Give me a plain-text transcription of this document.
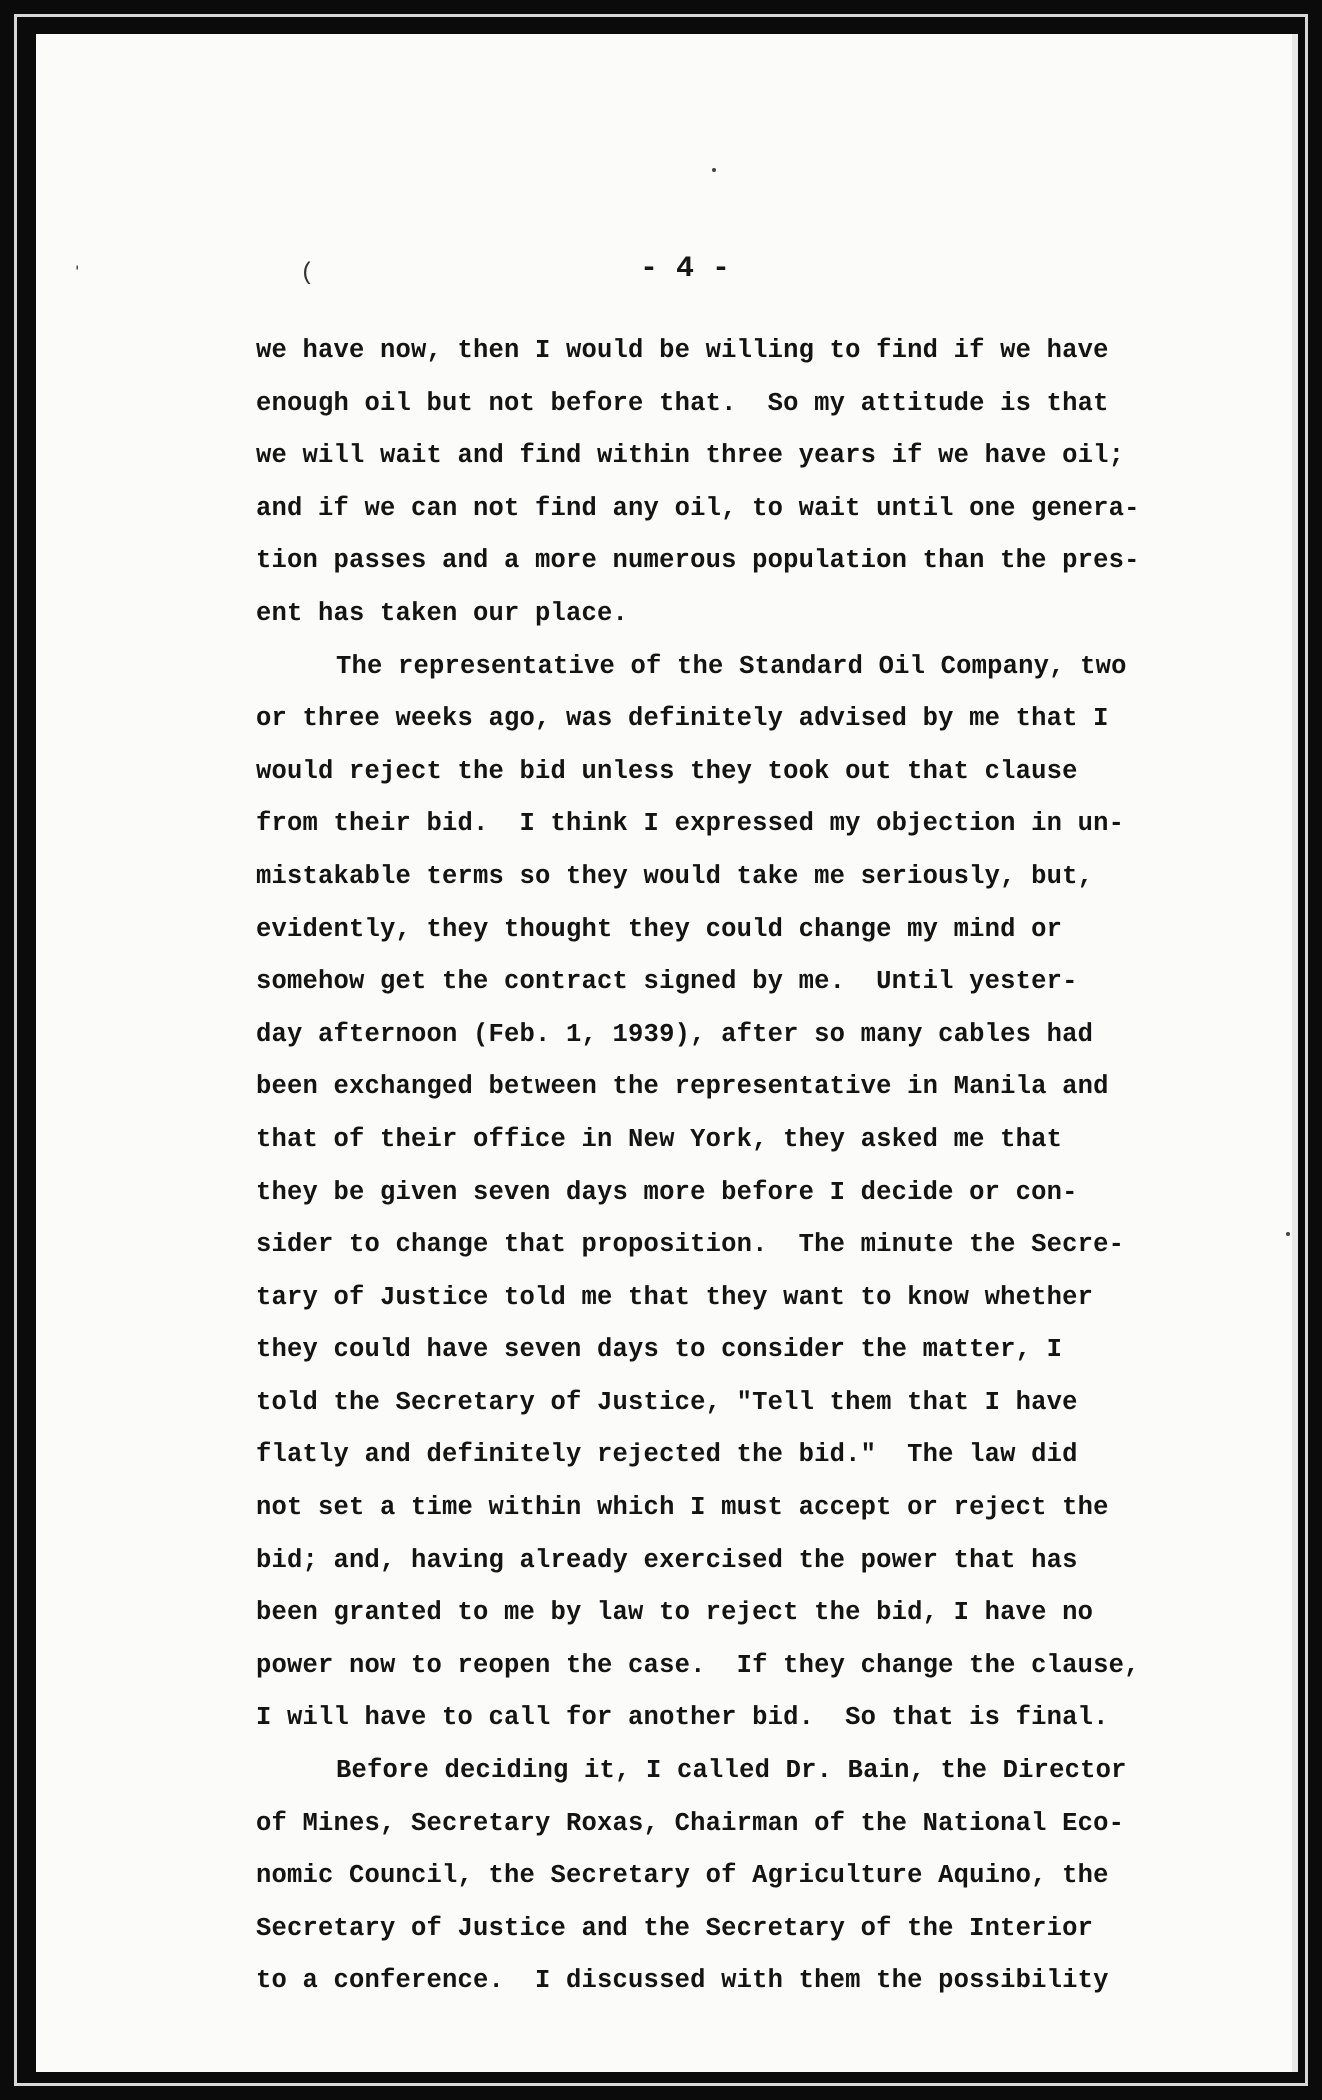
ˈ	(	- 4 -
we have now, then I would be willing to find if we have
enough oil but not before that.  So my attitude is that
we will wait and find within three years if we have oil;
and if we can not find any oil, to wait until one genera-
tion passes and a more numerous population than the pres-
ent has taken our place.
The representative of the Standard Oil Company, two
or three weeks ago, was definitely advised by me that I
would reject the bid unless they took out that clause
from their bid.  I think I expressed my objection in un-
mistakable terms so they would take me seriously, but,
evidently, they thought they could change my mind or
somehow get the contract signed by me.  Until yester-
day afternoon (Feb. 1, 1939), after so many cables had
been exchanged between the representative in Manila and
that of their office in New York, they asked me that
they be given seven days more before I decide or con-
sider to change that proposition.  The minute the Secre-
tary of Justice told me that they want to know whether
they could have seven days to consider the matter, I
told the Secretary of Justice, "Tell them that I have
flatly and definitely rejected the bid."  The law did
not set a time within which I must accept or reject the
bid; and, having already exercised the power that has
been granted to me by law to reject the bid, I have no
power now to reopen the case.  If they change the clause,
I will have to call for another bid.  So that is final.
Before deciding it, I called Dr. Bain, the Director
of Mines, Secretary Roxas, Chairman of the National Eco-
nomic Council, the Secretary of Agriculture Aquino, the
Secretary of Justice and the Secretary of the Interior
to a conference.  I discussed with them the possibility
